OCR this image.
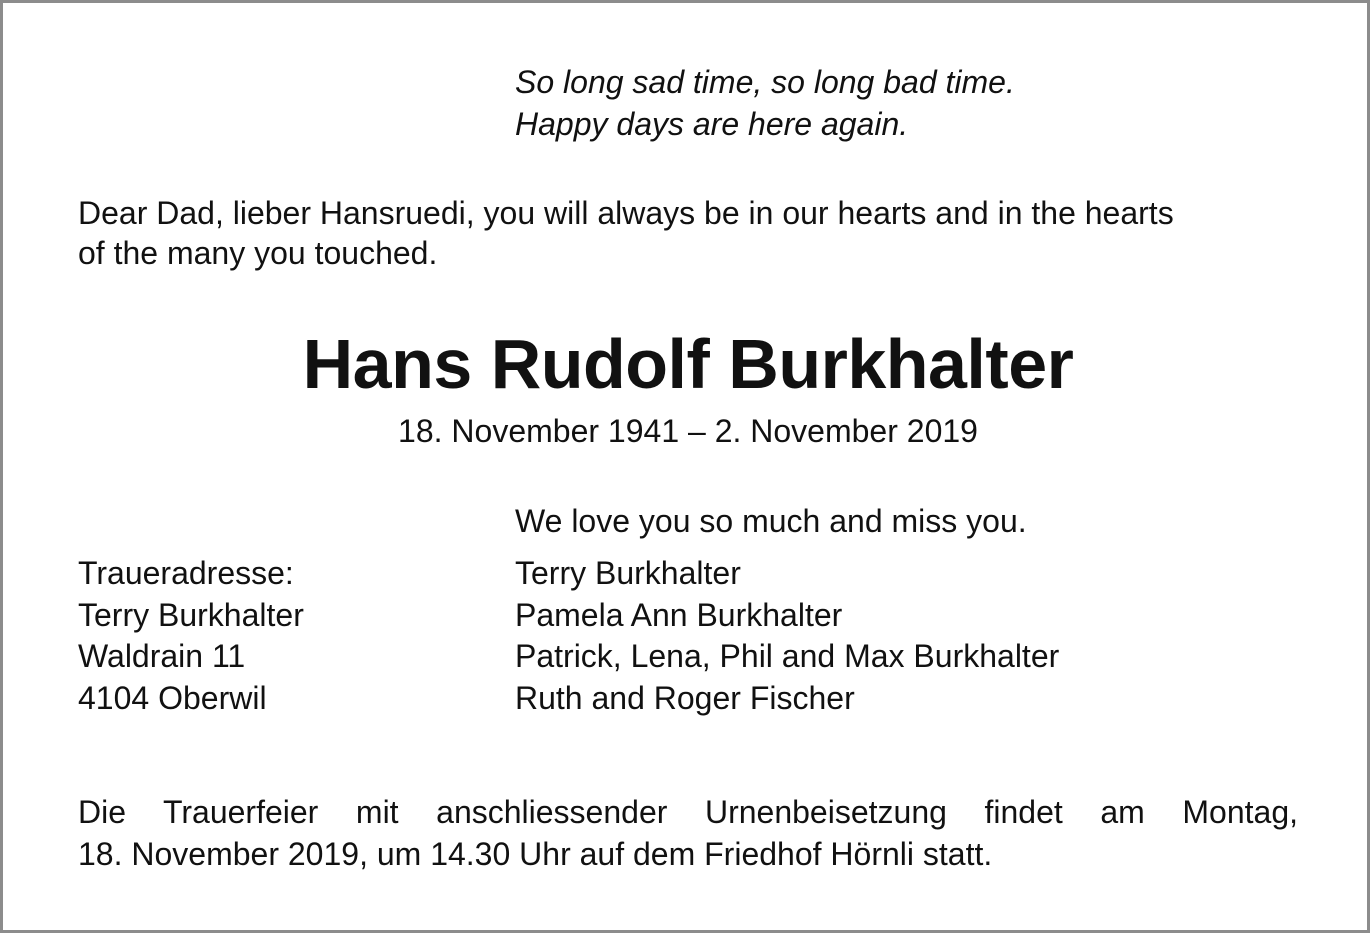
So long sad time, so long bad time.
Happy days are here again.
Dear Dad, lieber Hansruedi, you will always be in our hearts and in the hearts
of the many you touched.
Hans Rudolf Burkhalter
18. November 1941 – 2. November 2019
We love you so much and miss you.
Traueradresse:
Terry Burkhalter
Waldrain 11
4104 Oberwil
Terry Burkhalter
Pamela Ann Burkhalter
Patrick, Lena, Phil and Max Burkhalter
Ruth and Roger Fischer
Die Trauerfeier mit anschliessender Urnenbeisetzung findet am Montag,
18. November 2019, um 14.30 Uhr auf dem Friedhof Hörnli statt.
